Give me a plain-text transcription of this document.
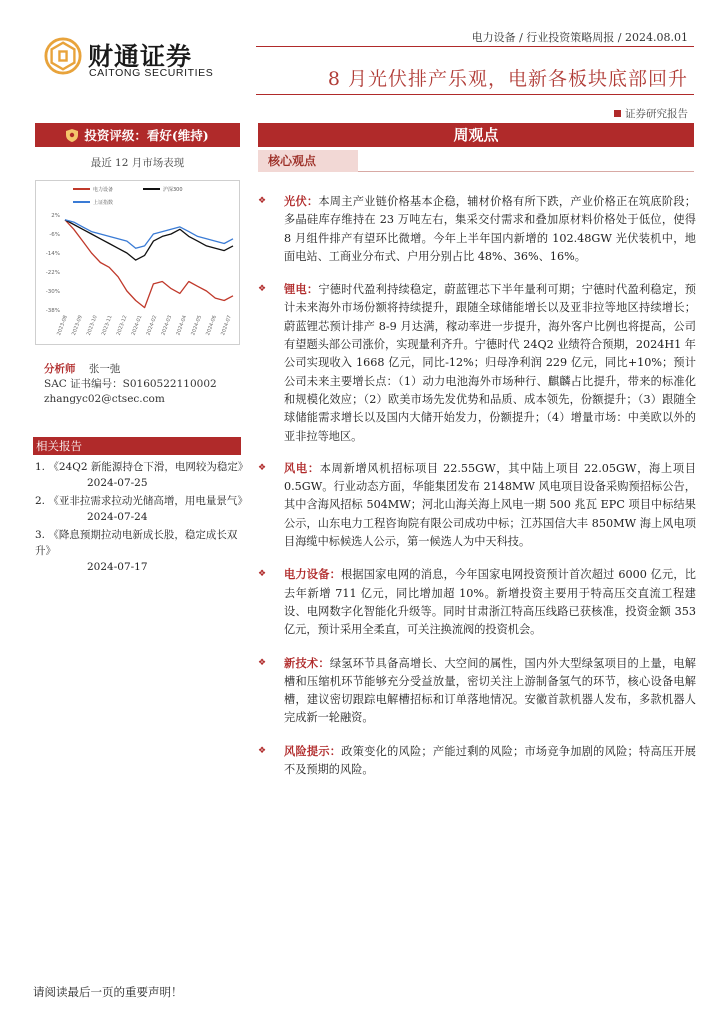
财通证券
CAITONG SECURITIES
电力设备 / 行业投资策略周报 / 2024.08.01
8 月光伏排产乐观，电新各板块底部回升
证券研究报告
投资评级：看好(维持)
最近 12 月市场表现
电力设备	沪深300
上证指数
2%
-6%
-14%
-22%
-30%
-38%
2023-08 2023-09 2023-10 2023-11 2023-12 2024-01 2024-02 2024-03 2024-04 2024-05 2024-06 2024-07
分析师 张一弛
SAC 证书编号：S0160522110002
zhangyc02@ctsec.com
相关报告
1. 《24Q2 新能源持仓下滑，电网较为稳定》
2024-07-25
2. 《亚非拉需求拉动光储高增，用电量景气》
2024-07-24
3. 《降息预期拉动电新成长股，稳定成长双升》
2024-07-17
周观点
核心观点
❖ 光伏：本周主产业链价格基本企稳，辅材价格有所下跌，产业价格正在筑底阶段；多晶硅库存维持在 23 万吨左右，集采交付需求和叠加原材料价格处于低位，使得 8 月组件排产有望环比微增。今年上半年国内新增的 102.48GW 光伏装机中，地面电站、工商业分布式、户用分别占比 48%、36%、16%。
❖ 锂电：宁德时代盈利持续稳定，蔚蓝锂芯下半年量利可期；宁德时代盈利稳定，预计未来海外市场份额将持续提升，跟随全球储能增长以及亚非拉等地区持续增长；蔚蓝锂芯预计排产 8-9 月达满，稼动率进一步提升，海外客户比例也将提高，公司有望题头部公司涨价，实现量利齐升。宁德时代 24Q2 业绩符合预期，2024H1 年公司实现收入 1668 亿元，同比-12%；归母净利润 229 亿元，同比+10%；预计公司未来主要增长点：（1）动力电池海外市场种行、麒麟占比提升，带来的标准化和规模化效应；（2）欧美市场先发优势和品质、成本领先，份额提升；（3）跟随全球储能需求增长以及国内大储开始发力，份额提升；（4）增量市场：中美欧以外的亚非拉等地区。
❖ 风电：本周新增风机招标项目 22.55GW，其中陆上项目 22.05GW，海上项目 0.5GW。行业动态方面，华能集团发布 2148MW 风电项目设备采购预招标公告，其中含海风招标 504MW；河北山海关海上风电一期 500 兆瓦 EPC 项目中标结果公示，山东电力工程咨询院有限公司成功中标；江苏国信大丰 850MW 海上风电项目海缆中标候选人公示，第一候选人为中天科技。
❖ 电力设备：根据国家电网的消息，今年国家电网投资预计首次超过 6000 亿元，比去年新增 711 亿元，同比增加超 10%。新增投资主要用于特高压交直流工程建设、电网数字化智能化升级等。同时甘肃浙江特高压线路已获核准，投资金额 353 亿元，预计采用全柔直，可关注换流阀的投资机会。
❖ 新技术：绿氢环节具备高增长、大空间的属性，国内外大型绿氢项目的上量，电解槽和压缩机环节能够充分受益放量，密切关注上游制备氢气的环节，核心设备电解槽，建议密切跟踪电解槽招标和订单落地情况。安徽首款机器人发布，多款机器人完成新一轮融资。
❖ 风险提示：政策变化的风险；产能过剩的风险；市场竞争加剧的风险；特高压开展不及预期的风险。
请阅读最后一页的重要声明！
